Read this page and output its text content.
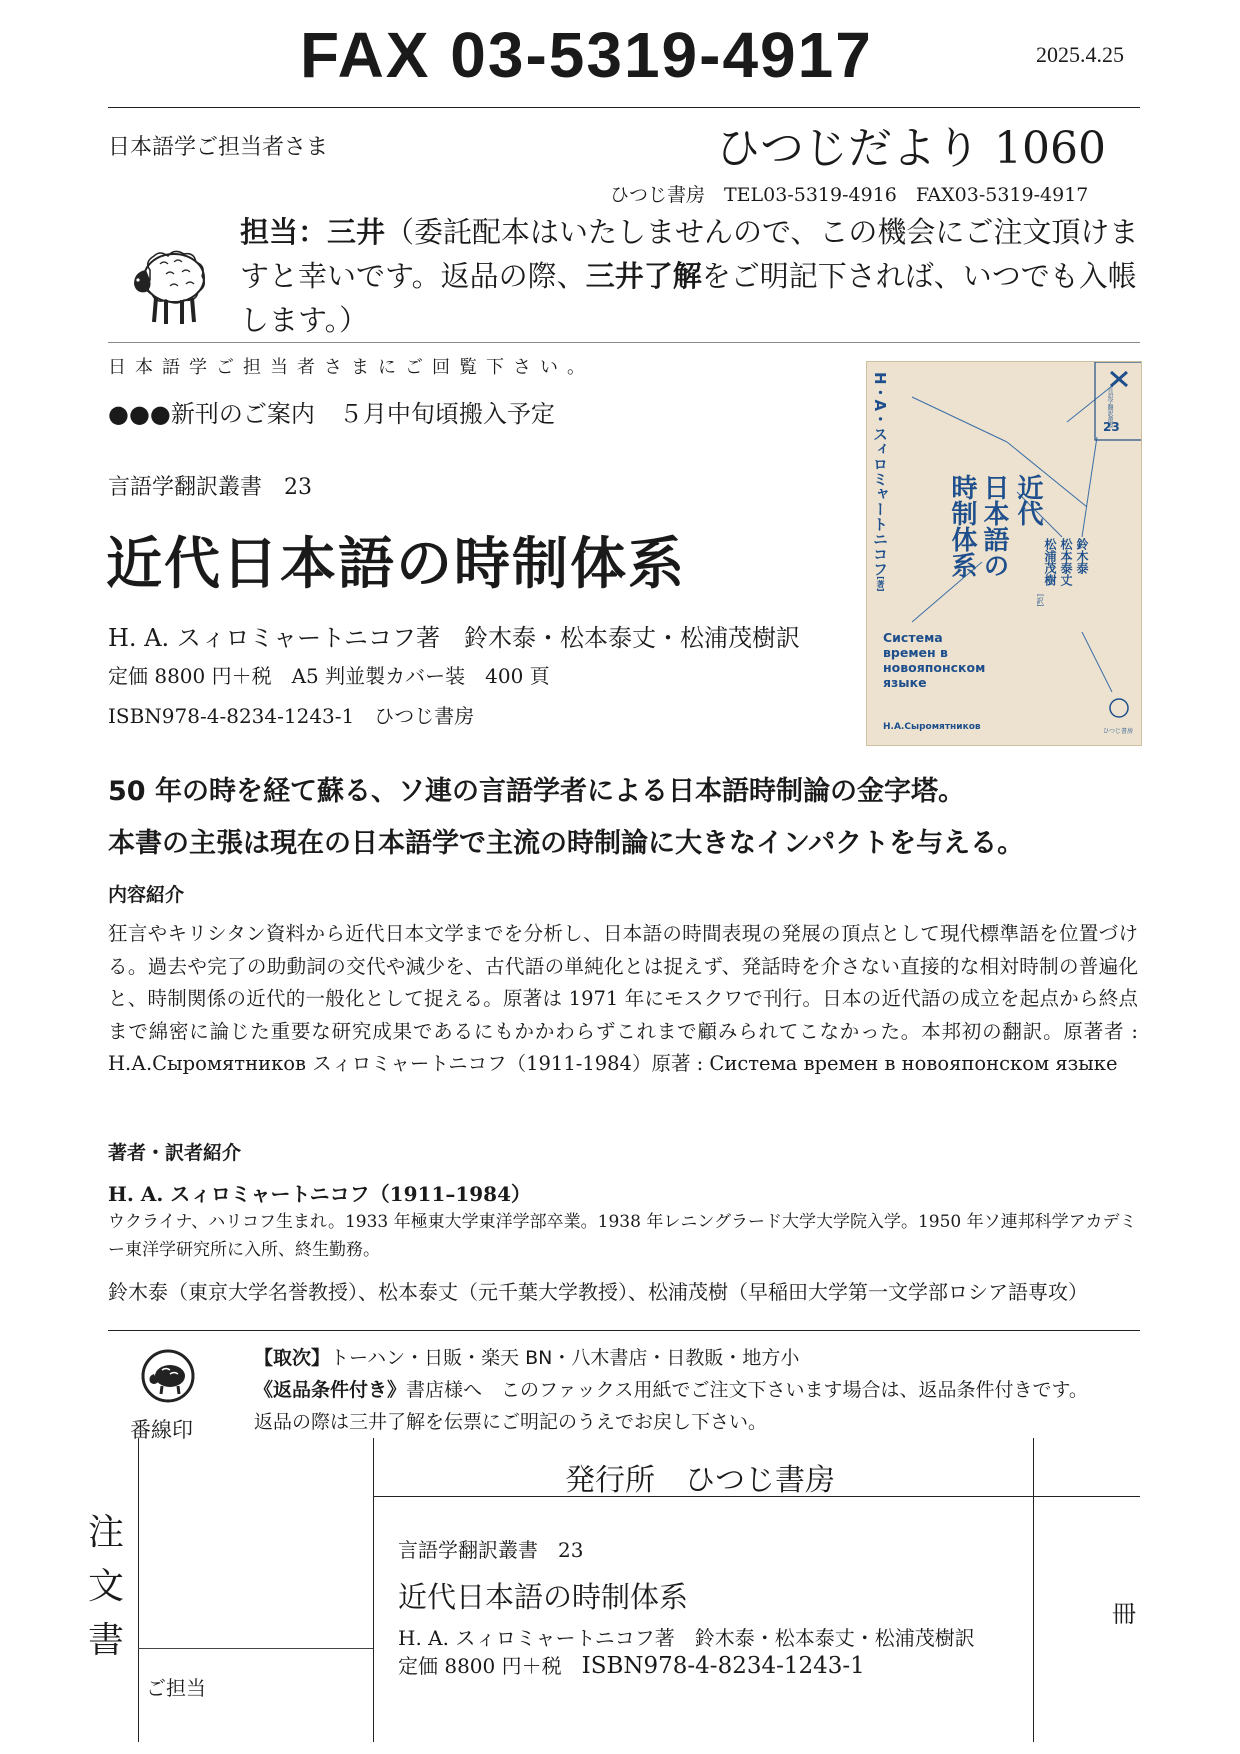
FAX 03-5319-4917	2025.4.25
日本語学ご担当者さま	ひつじだより 1060
ひつじ書房　TEL03-5319-4916　FAX03-5319-4917
担当：三井（委託配本はいたしませんので、この機会にご注文頂けますと幸いです。返品の際、三井了解をご明記下されば、いつでも入帳します。）
日本語学ご担当者さまにご回覧下さい。
●●●新刊のご案内　５月中旬頃搬入予定
言語学翻訳叢書　23
近代日本語の時制体系
H. A. スィロミャートニコフ著　鈴木泰・松本泰丈・松浦茂樹訳
定価 8800 円＋税　A5 判並製カバー装　400 頁
ISBN978-4-8234-1243-1　ひつじ書房
H・A・スィロミャートニコフ[著]
言語学翻訳叢書
23
近代
日本語の
時制体系	鈴木泰
松本泰丈
松浦茂樹
[訳]
Система
времен в
новояпонском
языке
Н.А.Сыромятников	ひつじ書房
50 年の時を経て蘇る、ソ連の言語学者による日本語時制論の金字塔。
本書の主張は現在の日本語学で主流の時制論に大きなインパクトを与える。
内容紹介
狂言やキリシタン資料から近代日本文学までを分析し、日本語の時間表現の発展の頂点として現代標準語を位置づける。過去や完了の助動詞の交代や減少を、古代語の単純化とは捉えず、発話時を介さない直接的な相対時制の普遍化と、時制関係の近代的一般化として捉える。原著は 1971 年にモスクワで刊行。日本の近代語の成立を起点から終点まで綿密に論じた重要な研究成果であるにもかかわらずこれまで顧みられてこなかった。本邦初の翻訳。原著者 : Н.А.Сыромятников スィロミャートニコフ（1911-1984）原著 : Система времен в новояпонском языке
著者・訳者紹介
H. A. スィロミャートニコフ（1911–1984）
ウクライナ、ハリコフ生まれ。1933 年極東大学東洋学部卒業。1938 年レニングラード大学大学院入学。1950 年ソ連邦科学アカデミー東洋学研究所に入所、終生勤務。
鈴木泰（東京大学名誉教授）、松本泰丈（元千葉大学教授）、松浦茂樹（早稲田大学第一文学部ロシア語専攻）
番線印
【取次】トーハン・日販・楽天 BN・八木書店・日教販・地方小
《返品条件付き》書店様へ　このファックス用紙でご注文下さいます場合は、返品条件付きです。
返品の際は三井了解を伝票にご明記のうえでお戻し下さい。
注
文
書
発行所　ひつじ書房
言語学翻訳叢書　23
近代日本語の時制体系
H. A. スィロミャートニコフ著　鈴木泰・松本泰丈・松浦茂樹訳
定価 8800 円＋税　 ISBN978-4-8234-1243-1
冊
ご担当
